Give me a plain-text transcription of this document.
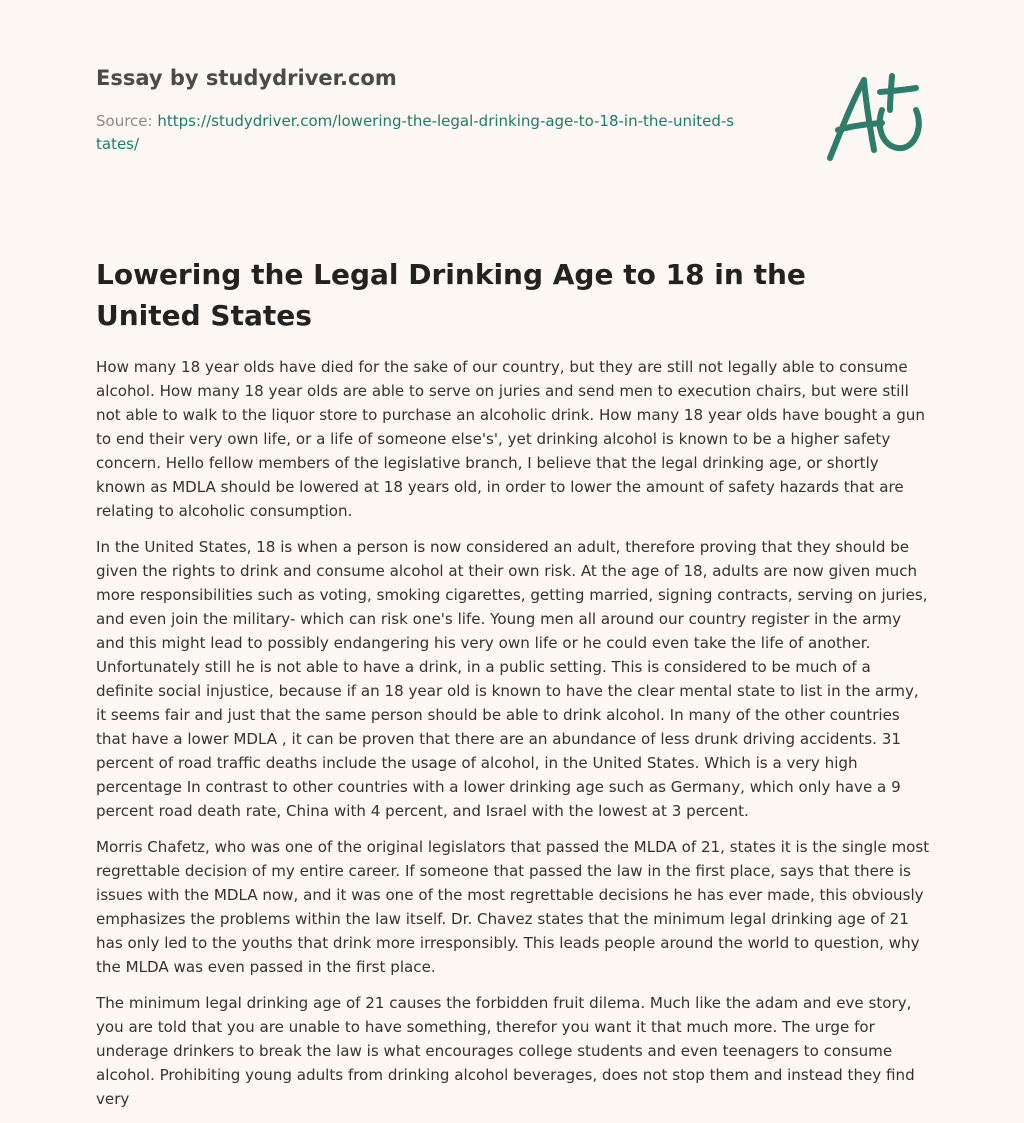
Essay by studydriver.com
Source: https://studydriver.com/lowering-the-legal-drinking-age-to-18-in-the-united-states/
Lowering the Legal Drinking Age to 18 in the United States

How many 18 year olds have died for the sake of our country, but they are still not legally able to consume alcohol. How many 18 year olds are able to serve on juries and send men to execution chairs, but were still not able to walk to the liquor store to purchase an alcoholic drink. How many 18 year olds have bought a gun to end their very own life, or a life of someone else's', yet drinking alcohol is known to be a higher safety concern. Hello fellow members of the legislative branch, I believe that the legal drinking age, or shortly known as MDLA should be lowered at 18 years old, in order to lower the amount of safety hazards that are relating to alcoholic consumption.

In the United States, 18 is when a person is now considered an adult, therefore proving that they should be given the rights to drink and consume alcohol at their own risk. At the age of 18, adults are now given much more responsibilities such as voting, smoking cigarettes, getting married, signing contracts, serving on juries, and even join the military- which can risk one's life. Young men all around our country register in the army and this might lead to possibly endangering his very own life or he could even take the life of another. Unfortunately still he is not able to have a drink, in a public setting. This is considered to be much of a definite social injustice, because if an 18 year old is known to have the clear mental state to list in the army, it seems fair and just that the same person should be able to drink alcohol. In many of the other countries that have a lower MDLA , it can be proven that there are an abundance of less drunk driving accidents. 31 percent of road traffic deaths include the usage of alcohol, in the United States. Which is a very high percentage In contrast to other countries with a lower drinking age such as Germany, which only have a 9 percent road death rate, China with 4 percent, and Israel with the lowest at 3 percent.

Morris Chafetz, who was one of the original legislators that passed the MLDA of 21, states it is the single most regrettable decision of my entire career. If someone that passed the law in the first place, says that there is issues with the MDLA now, and it was one of the most regrettable decisions he has ever made, this obviously emphasizes the problems within the law itself. Dr. Chavez states that the minimum legal drinking age of 21 has only led to the youths that drink more irresponsibly. This leads people around the world to question, why the MLDA was even passed in the first place.

The minimum legal drinking age of 21 causes the forbidden fruit dilema. Much like the adam and eve story, you are told that you are unable to have something, therefor you want it that much more. The urge for underage drinkers to break the law is what encourages college students and even teenagers to consume alcohol. Prohibiting young adults from drinking alcohol beverages, does not stop them and instead they find very
